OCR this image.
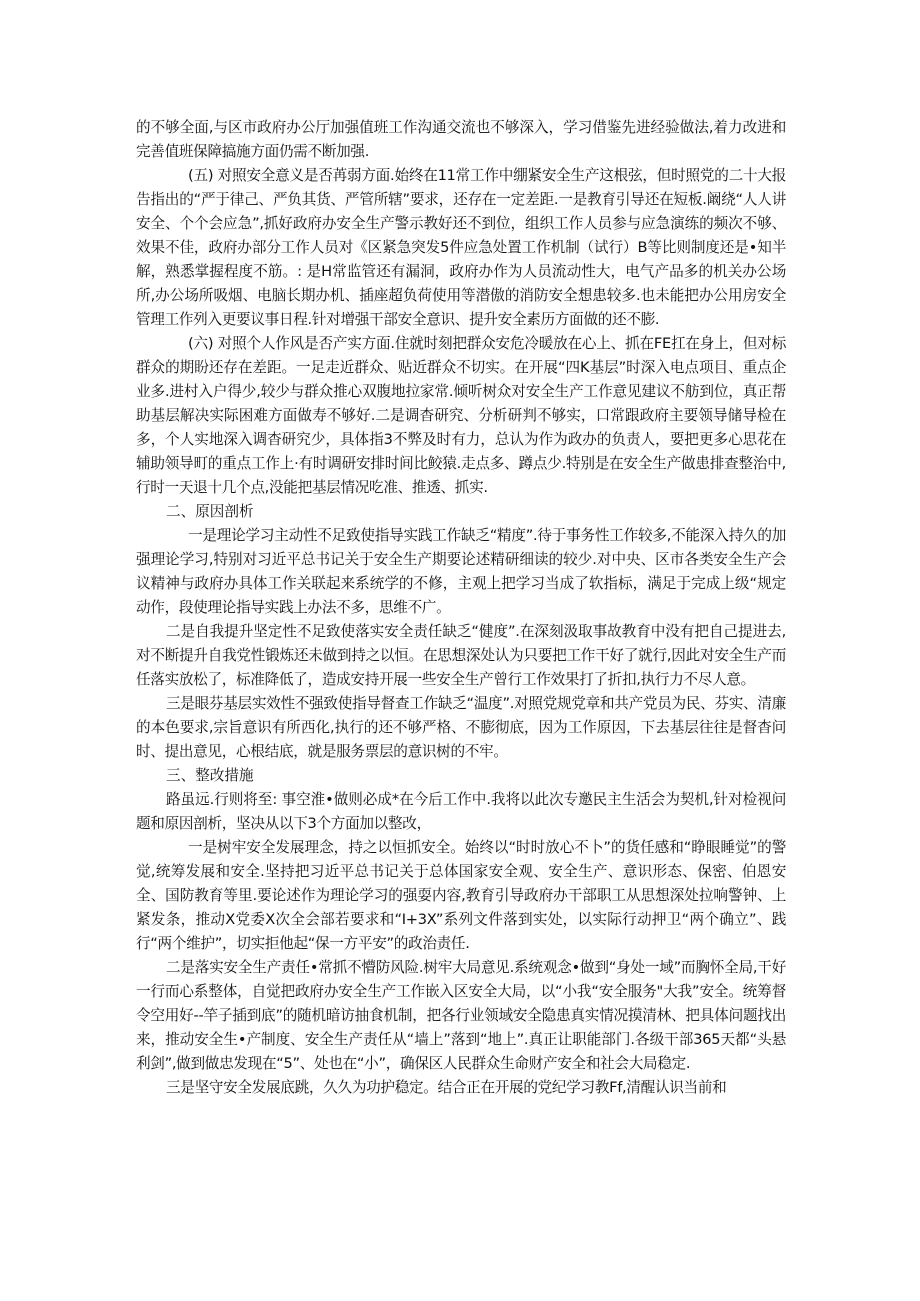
的不够全面,与区市政府办公厅加强值班工作沟通交流也不够深入，学习借鉴先进经验做法,着力改进和完善值班保障搞施方面仍需不断加强.

(五) 对照安全意义是否苒弱方面.始终在11常工作中绷紧安全生产这根弦，但时照党的二十大报告指出的“严于律己、严负其货、严管所辖”要求，还存在一定差距.一是教育引导还在短板.阚绕“人人讲安全、个个会应急”,抓好政府办安全生产警示教好还不到位，组织工作人员参与应急演练的频次不够、效果不佳，政府办部分工作人员对《区紧急突发5件应急处置工作机制（试行）B等比则制度还是•知半解，熟悉掌握程度不筋。: 是H常监管还有漏洞，政府办作为人员流动性大，电气产品多的机关办公场所,办公场所吸烟、电脑长期办机、插座超负荷使用等潜傲的消防安全想患较多.也未能把办公用房安全管理工作列入更要议事日程.针对增强干部安全意识、提升安全素历方面做的还不膨.

(六) 对照个人作风是否产实方面.住就时刻把群众安危冷暖放在心上、抓在FE扛在身上，但对标群众的期盼还存在差距。一足走近群众、贴近群众不切实。在开展“四K基层”时深入电点项目、重点企业多.进村入户得少,较少与群众推心双腹地拉家常.倾听树众对安全生产工作意见建议不舫到位，真正帮助基层解决实际困难方面做寿不够好.二是调杳研究、分析研判不够实，口常跟政府主要领导储导检在多，个人实地深入调杳研究少，具体指3不弊及时有力，总认为作为政办的负责人，要把更多心思花在辅助领导町的重点工作上·有时调研安排时间比鲛猿.走点多、蹲点少.特别是在安全生产做患排查整治中,行时一天退十几个点,没能把基层情况吃准、推透、抓实.

二、原因剖析

一是理论学习主动性不足致使指导实践工作缺乏“精度”.待于事务性工作较多,不能深入持久的加强理论学习,特别对习近平总书记关于安全生产期要论述精研细读的较少.对中央、区市各类安全生产会议精神与政府办具体工作关联起来系统学的不修，主观上把学习当成了软指标，满足于完成上级“规定动作，段使理论指导实践上办法不多，思维不广。

二是自我提升坚定性不足致使落实安全责任缺乏“健度”.在深刻汲取事故教育中没有把自己提进去, 对不断提升自我党性锻炼还未做到持之以恒。在思想深处认为只要把工作干好了就行,因此对安全生产而任落实放松了，标准降低了，造成安持开展一些安全生产曾行工作效果打了折扣,执行力不尽人意。

三是眼芬基层实效性不强致使指导督查工作缺乏“温度”.对照党规党章和共产党员为民、芬实、清廉的本色要求,宗旨意识有所西化,执行的还不够严格、不膨彻底，因为工作原因，下去基层往往是督杳问时、提出意见，心根结底，就是服务票层的意识树的不牢。

三、整改措施

路虽远.行则将至: 事空淮•做则必成*在今后工作中.我将以此次专邀民主生活会为契机,针对检视问题和原因剖析，坚决从以下3个方面加以整改，

一是树牢安全发展理念，持之以恒抓安全。始终以“时时放心不卜”的货任感和“睁眼睡觉”的警觉,统筹发展和安全.坚持把习近平总书记关于总体国家安全观、安全生产、意识形态、保密、伯恩安全、国防教育等里.要论述作为理论学习的强耍内容,教育引导政府办干部职工从思想深处拉响警钟、上紧发条，推动X党委X次全会部若要求和“I+3X”系列文件落到实处，以实际行动押卫“两个确立”、践行“两个维护”，切实拒他起“保一方平安”的政治责任.

二是落实安全生产责任•常抓不懵防风险.树牢大局意见.系统观念•做到“身处一域”而胸怀全局,干好一行而心系整体，自觉把政府办安全生产工作嵌入区安全大局，以“小我“安全服务"大我”安全。统筹督令空用好--竿子插到底”的随机暗访抽食机制，把各行业领域安全隐患真实情况摸清林、把具体问题找出来，推动安全生•产制度、安全生产责任从“墙上”落到“地上”.真正让职能部门.各级干部365天都“头悬利剑”,做到做忠发现在“5”、处也在“小”，确保区人民群众生命财产安全和社会大局稳定.

三是坚守安全发展底跳，久久为功护稳定。结合正在开展的党纪学习教Ff,清醒认识当前和
